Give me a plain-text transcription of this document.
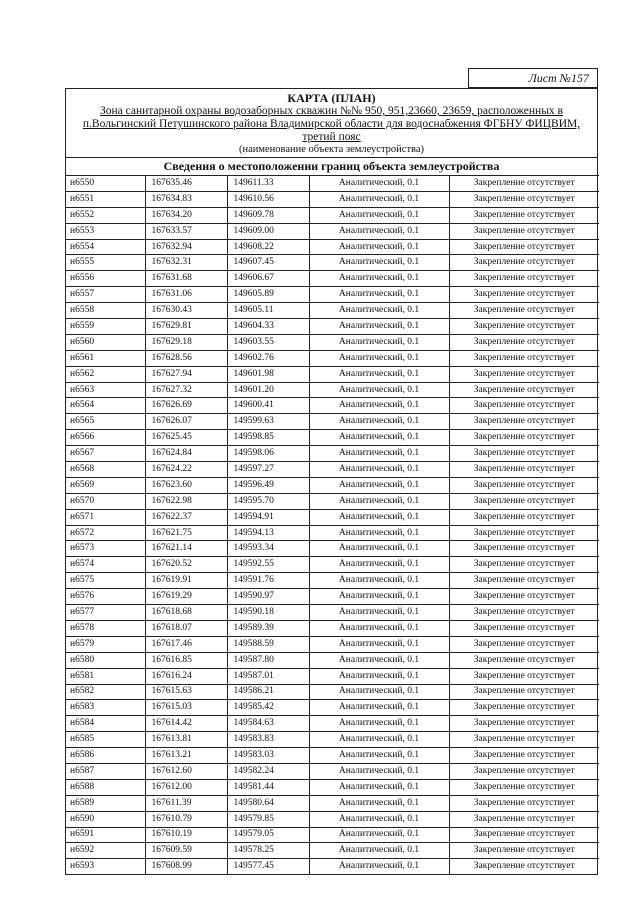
Лист №157
КАРТА (ПЛАН)
Зона санитарной охраны водозаборных скважин №№ 950, 951,23660, 23659, расположенных в
п.Вольгинский Петушинского района Владимирской области для водоснабжения ФГБНУ ФИЦВИМ,
третий пояс
(наименование объекта землеустройства)
Сведения о местоположении границ объекта землеустройства
н6550	167635.46	149611.33	Аналитический, 0.1	Закрепление отсутствует
н6551	167634.83	149610.56	Аналитический, 0.1	Закрепление отсутствует
н6552	167634.20	149609.78	Аналитический, 0.1	Закрепление отсутствует
н6553	167633.57	149609.00	Аналитический, 0.1	Закрепление отсутствует
н6554	167632.94	149608.22	Аналитический, 0.1	Закрепление отсутствует
н6555	167632.31	149607.45	Аналитический, 0.1	Закрепление отсутствует
н6556	167631.68	149606.67	Аналитический, 0.1	Закрепление отсутствует
н6557	167631.06	149605.89	Аналитический, 0.1	Закрепление отсутствует
н6558	167630.43	149605.11	Аналитический, 0.1	Закрепление отсутствует
н6559	167629.81	149604.33	Аналитический, 0.1	Закрепление отсутствует
н6560	167629.18	149603.55	Аналитический, 0.1	Закрепление отсутствует
н6561	167628.56	149602.76	Аналитический, 0.1	Закрепление отсутствует
н6562	167627.94	149601.98	Аналитический, 0.1	Закрепление отсутствует
н6563	167627.32	149601.20	Аналитический, 0.1	Закрепление отсутствует
н6564	167626.69	149600.41	Аналитический, 0.1	Закрепление отсутствует
н6565	167626.07	149599.63	Аналитический, 0.1	Закрепление отсутствует
н6566	167625.45	149598.85	Аналитический, 0.1	Закрепление отсутствует
н6567	167624.84	149598.06	Аналитический, 0.1	Закрепление отсутствует
н6568	167624.22	149597.27	Аналитический, 0.1	Закрепление отсутствует
н6569	167623.60	149596.49	Аналитический, 0.1	Закрепление отсутствует
н6570	167622.98	149595.70	Аналитический, 0.1	Закрепление отсутствует
н6571	167622.37	149594.91	Аналитический, 0.1	Закрепление отсутствует
н6572	167621.75	149594.13	Аналитический, 0.1	Закрепление отсутствует
н6573	167621.14	149593.34	Аналитический, 0.1	Закрепление отсутствует
н6574	167620.52	149592.55	Аналитический, 0.1	Закрепление отсутствует
н6575	167619.91	149591.76	Аналитический, 0.1	Закрепление отсутствует
н6576	167619.29	149590.97	Аналитический, 0.1	Закрепление отсутствует
н6577	167618.68	149590.18	Аналитический, 0.1	Закрепление отсутствует
н6578	167618.07	149589.39	Аналитический, 0.1	Закрепление отсутствует
н6579	167617.46	149588.59	Аналитический, 0.1	Закрепление отсутствует
н6580	167616.85	149587.80	Аналитический, 0.1	Закрепление отсутствует
н6581	167616.24	149587.01	Аналитический, 0.1	Закрепление отсутствует
н6582	167615.63	149586.21	Аналитический, 0.1	Закрепление отсутствует
н6583	167615.03	149585.42	Аналитический, 0.1	Закрепление отсутствует
н6584	167614.42	149584.63	Аналитический, 0.1	Закрепление отсутствует
н6585	167613.81	149583.83	Аналитический, 0.1	Закрепление отсутствует
н6586	167613.21	149583.03	Аналитический, 0.1	Закрепление отсутствует
н6587	167612.60	149582.24	Аналитический, 0.1	Закрепление отсутствует
н6588	167612.00	149581.44	Аналитический, 0.1	Закрепление отсутствует
н6589	167611.39	149580.64	Аналитический, 0.1	Закрепление отсутствует
н6590	167610.79	149579.85	Аналитический, 0.1	Закрепление отсутствует
н6591	167610.19	149579.05	Аналитический, 0.1	Закрепление отсутствует
н6592	167609.59	149578.25	Аналитический, 0.1	Закрепление отсутствует
н6593	167608.99	149577.45	Аналитический, 0.1	Закрепление отсутствует
